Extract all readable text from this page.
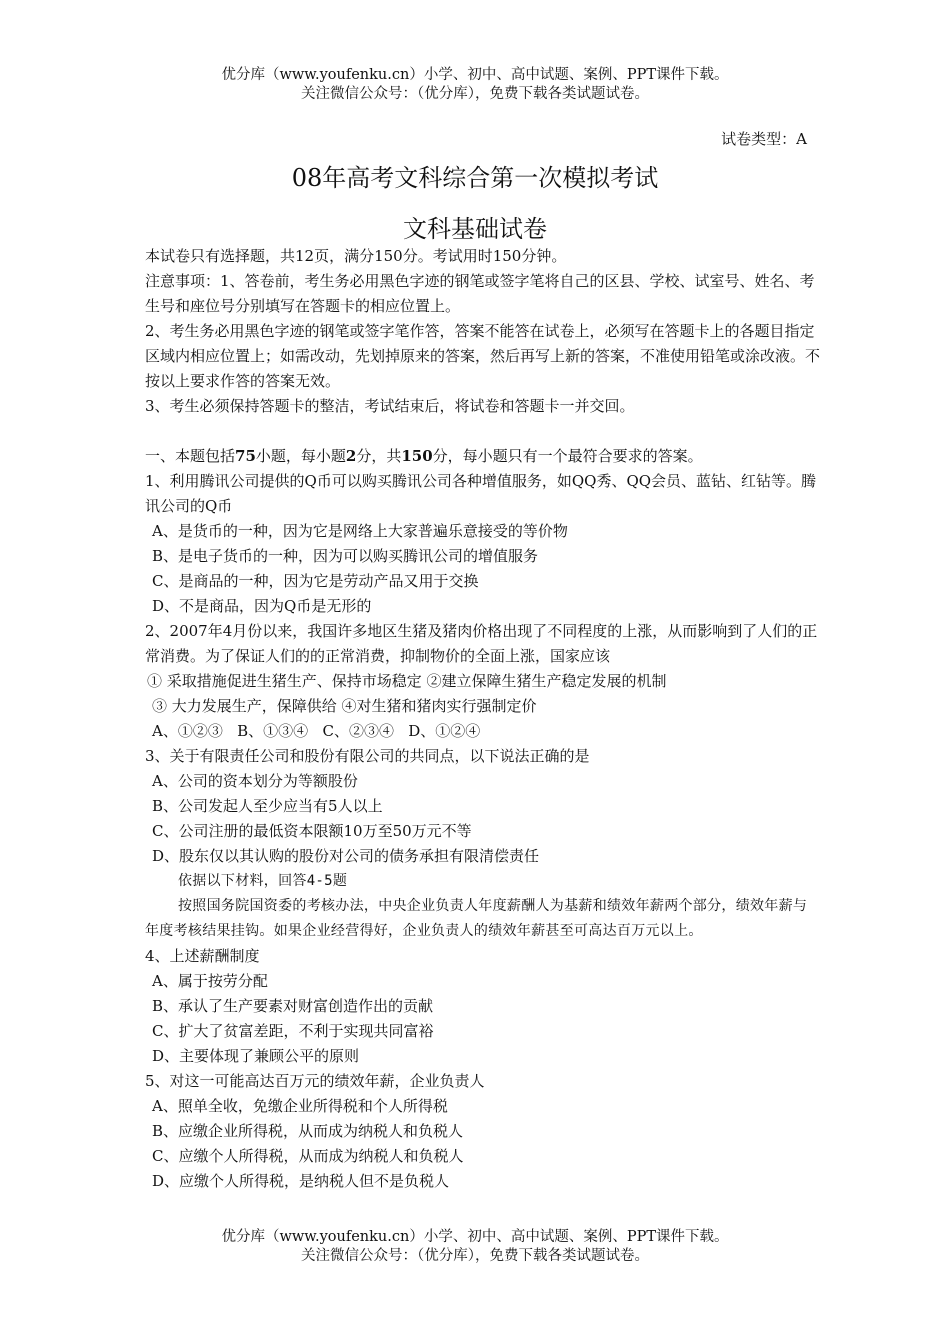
优分库（www.youfenku.cn）小学、初中、高中试题、案例、PPT课件下载。
关注微信公众号：（优分库），免费下载各类试题试卷。
试卷类型：A
08年高考文科综合第一次模拟考试
文科基础试卷

本试卷只有选择题，共12页，满分150分。考试用时150分钟。

注意事项：1、答卷前，考生务必用黑色字迹的钢笔或签字笔将自己的区县、学校、试室号、姓名、考生号和座位号分别填写在答题卡的相应位置上。

2、考生务必用黑色字迹的钢笔或签字笔作答，答案不能答在试卷上，必须写在答题卡上的各题目指定区域内相应位置上；如需改动，先划掉原来的答案，然后再写上新的答案，不准使用铅笔或涂改液。不按以上要求作答的答案无效。

3、考生必须保持答题卡的整洁，考试结束后，将试卷和答题卡一并交回。

一、本题包括75小题，每小题2分，共150分，每小题只有一个最符合要求的答案。

1、利用腾讯公司提供的Q币可以购买腾讯公司各种增值服务，如QQ秀、QQ会员、蓝钻、红钻等。腾讯公司的Q币

A、是货币的一种，因为它是网络上大家普遍乐意接受的等价物

B、是电子货币的一种，因为可以购买腾讯公司的增值服务

C、是商品的一种，因为它是劳动产品又用于交换

D、不是商品，因为Q币是无形的

2、2007年4月份以来，我国许多地区生猪及猪肉价格出现了不同程度的上涨，从而影响到了人们的正常消费。为了保证人们的的正常消费，抑制物价的全面上涨，国家应该

① 采取措施促进生猪生产、保持市场稳定 ②建立保障生猪生产稳定发展的机制

③ 大力发展生产，保障供给 ④对生猪和猪肉实行强制定价

A、①②③   B、①③④   C、②③④   D、①②④

3、关于有限责任公司和股份有限公司的共同点，以下说法正确的是

A、公司的资本划分为等额股份

B、公司发起人至少应当有5人以上

C、公司注册的最低资本限额10万至50万元不等

D、股东仅以其认购的股份对公司的债务承担有限清偿责任

依据以下材料，回答4-5题

按照国务院国资委的考核办法，中央企业负责人年度薪酬人为基薪和绩效年薪两个部分，绩效年薪与年度考核结果挂钩。如果企业经营得好，企业负责人的绩效年薪甚至可高达百万元以上。

4、上述薪酬制度

A、属于按劳分配

B、承认了生产要素对财富创造作出的贡献

C、扩大了贫富差距，不利于实现共同富裕

D、主要体现了兼顾公平的原则

5、对这一可能高达百万元的绩效年薪，企业负责人

A、照单全收，免缴企业所得税和个人所得税

B、应缴企业所得税，从而成为纳税人和负税人

C、应缴个人所得税，从而成为纳税人和负税人

D、应缴个人所得税，是纳税人但不是负税人

优分库（www.youfenku.cn）小学、初中、高中试题、案例、PPT课件下载。
关注微信公众号：（优分库），免费下载各类试题试卷。
